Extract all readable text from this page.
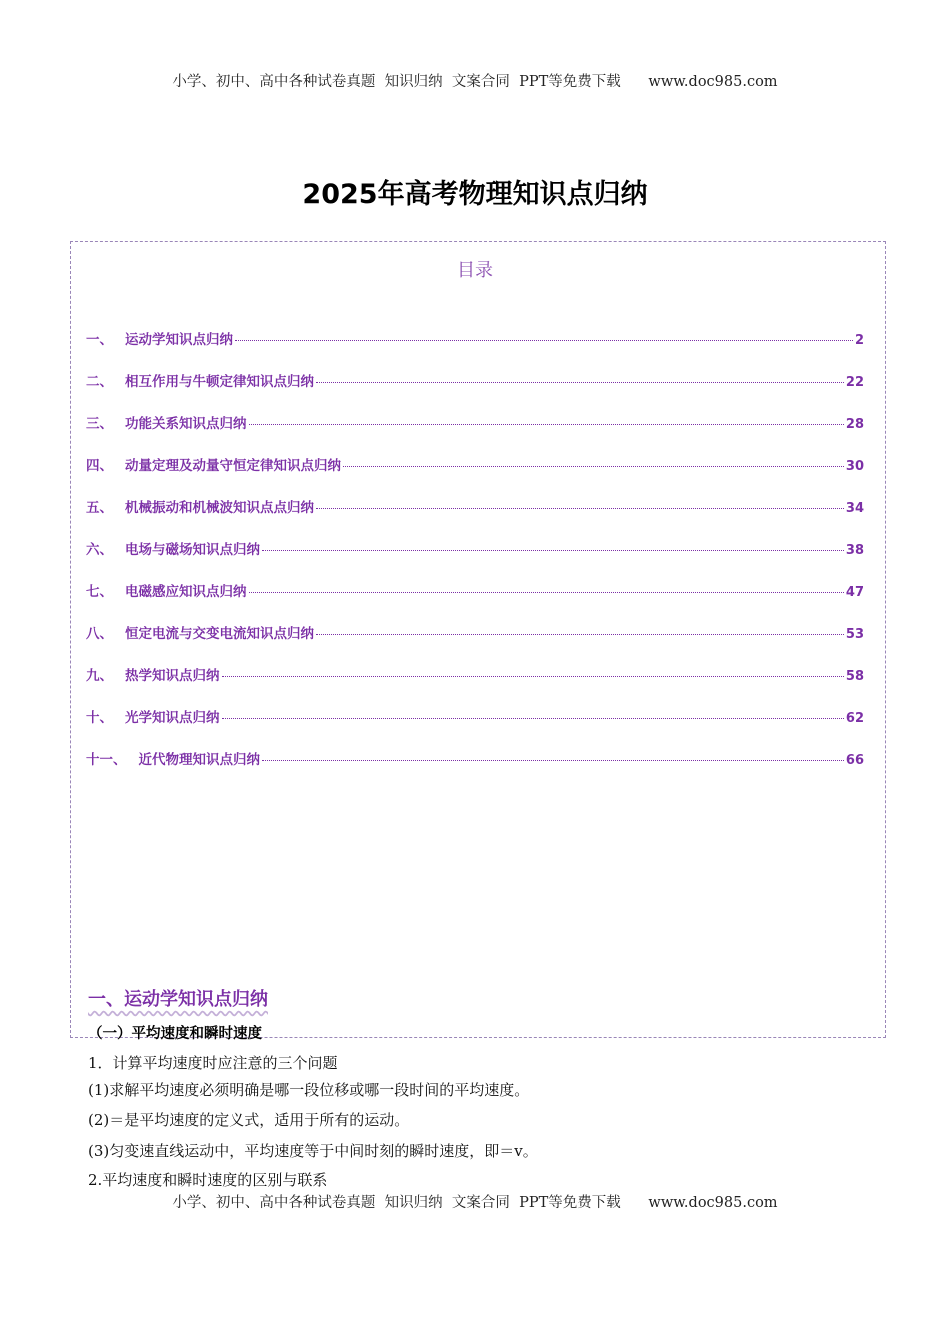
小学、初中、高中各种试卷真题  知识归纳  文案合同  PPT等免费下载      www.doc985.com
2025年高考物理知识点归纳
目录
一、 运动学知识点归纳	2
二、 相互作用与牛顿定律知识点归纳	22
三、 功能关系知识点归纳	28
四、 动量定理及动量守恒定律知识点归纳	30
五、 机械振动和机械波知识点点归纳	34
六、 电场与磁场知识点归纳	38
七、 电磁感应知识点归纳	47
八、 恒定电流与交变电流知识点归纳	53
九、 热学知识点归纳	58
十、 光学知识点归纳	62
十一、 近代物理知识点归纳	66
一、运动学知识点归纳
（一）平均速度和瞬时速度
1．计算平均速度时应注意的三个问题
(1)求解平均速度必须明确是哪一段位移或哪一段时间的平均速度。
(2)＝是平均速度的定义式，适用于所有的运动。
(3)匀变速直线运动中，平均速度等于中间时刻的瞬时速度，即＝v。
2.平均速度和瞬时速度的区别与联系
小学、初中、高中各种试卷真题  知识归纳  文案合同  PPT等免费下载      www.doc985.com
